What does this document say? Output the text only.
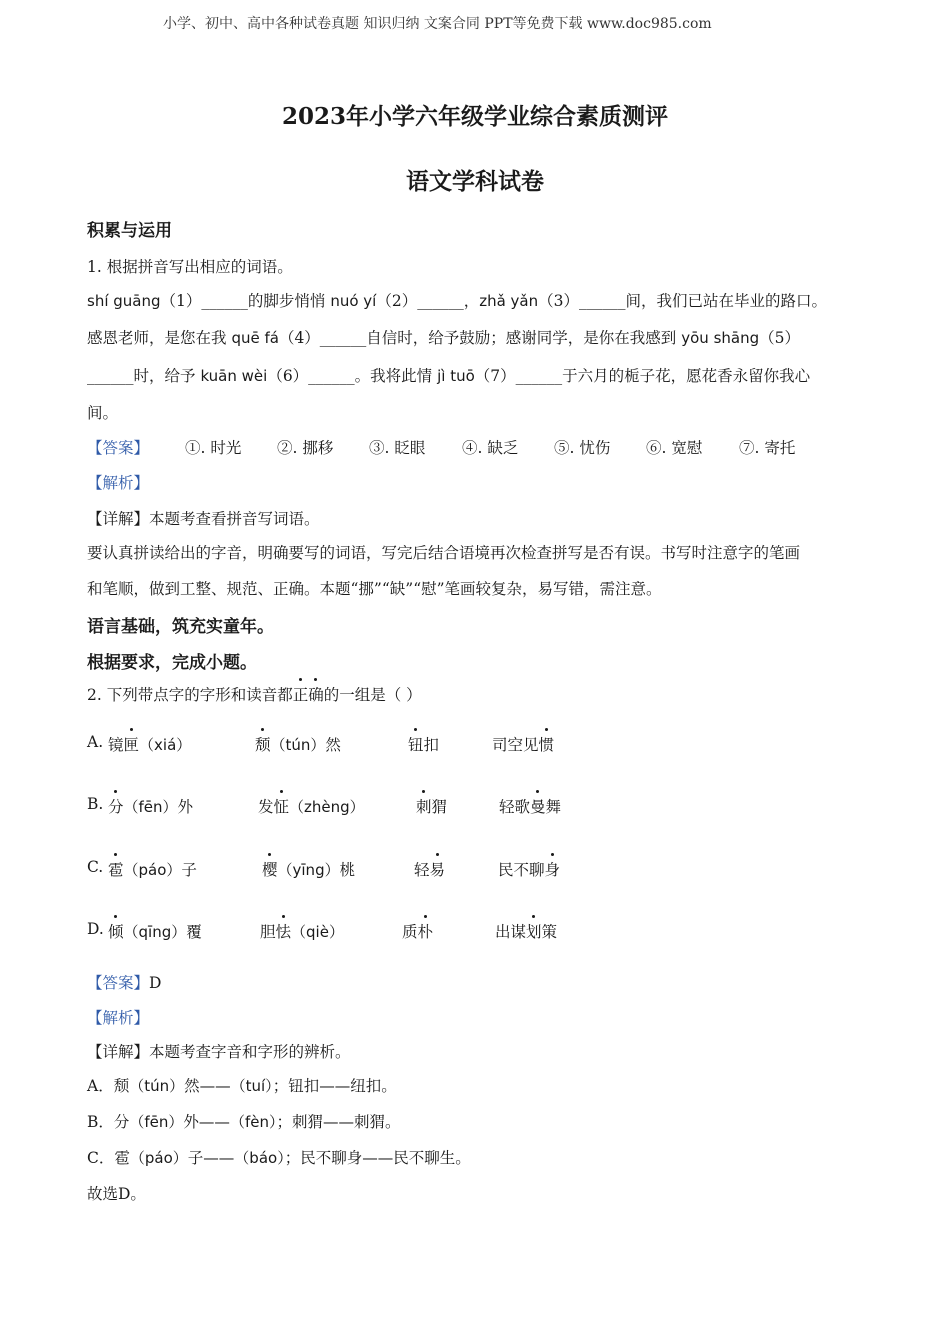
小学、初中、高中各种试卷真题 知识归纳 文案合同 PPT等免费下载 www.doc985.com
2023年小学六年级学业综合素质测评
语文学科试卷
积累与运用
1. 根据拼音写出相应的词语。
shí guāng（1）______的脚步悄悄 nuó yí（2）______，zhǎ yǎn（3）______间，我们已站在毕业的路口。
感恩老师，是您在我 quē fá（4）______自信时，给予鼓励；感谢同学，是你在我感到 yōu shāng（5）
______时，给予 kuān wèi（6）______。我将此情 jì tuō（7）______于六月的栀子花，愿花香永留你我心
间。
【答案】 ①. 时光 ②. 挪移 ③. 眨眼 ④. 缺乏 ⑤. 忧伤 ⑥. 宽慰 ⑦. 寄托
【解析】
【详解】本题考查看拼音写词语。
要认真拼读给出的字音，明确要写的词语，写完后结合语境再次检查拼写是否有误。书写时注意字的笔画
和笔顺，做到工整、规范、正确。本题“挪”“缺”“慰”笔画较复杂，易写错，需注意。
语言基础，筑充实童年。
根据要求，完成小题。
2. 下列带点字的字形和读音都正确的一组是（ ）
A. 镜匣（xiá）	颓（tún）然	钮扣	司空见惯
B. 分（fēn）外	发怔（zhèng）	刺猬	轻歌曼舞
C. 雹（páo）子	樱（yīng）桃	轻易	民不聊身
D. 倾（qīng）覆	胆怯（qiè）	质朴	出谋划策
【答案】D
【解析】
【详解】本题考查字音和字形的辨析。
A．颓（tún）然——（tuí）；钮扣——纽扣。
B．分（fēn）外——（fèn）；刺猬——刺猬。
C．雹（páo）子——（báo）；民不聊身——民不聊生。
故选D。
